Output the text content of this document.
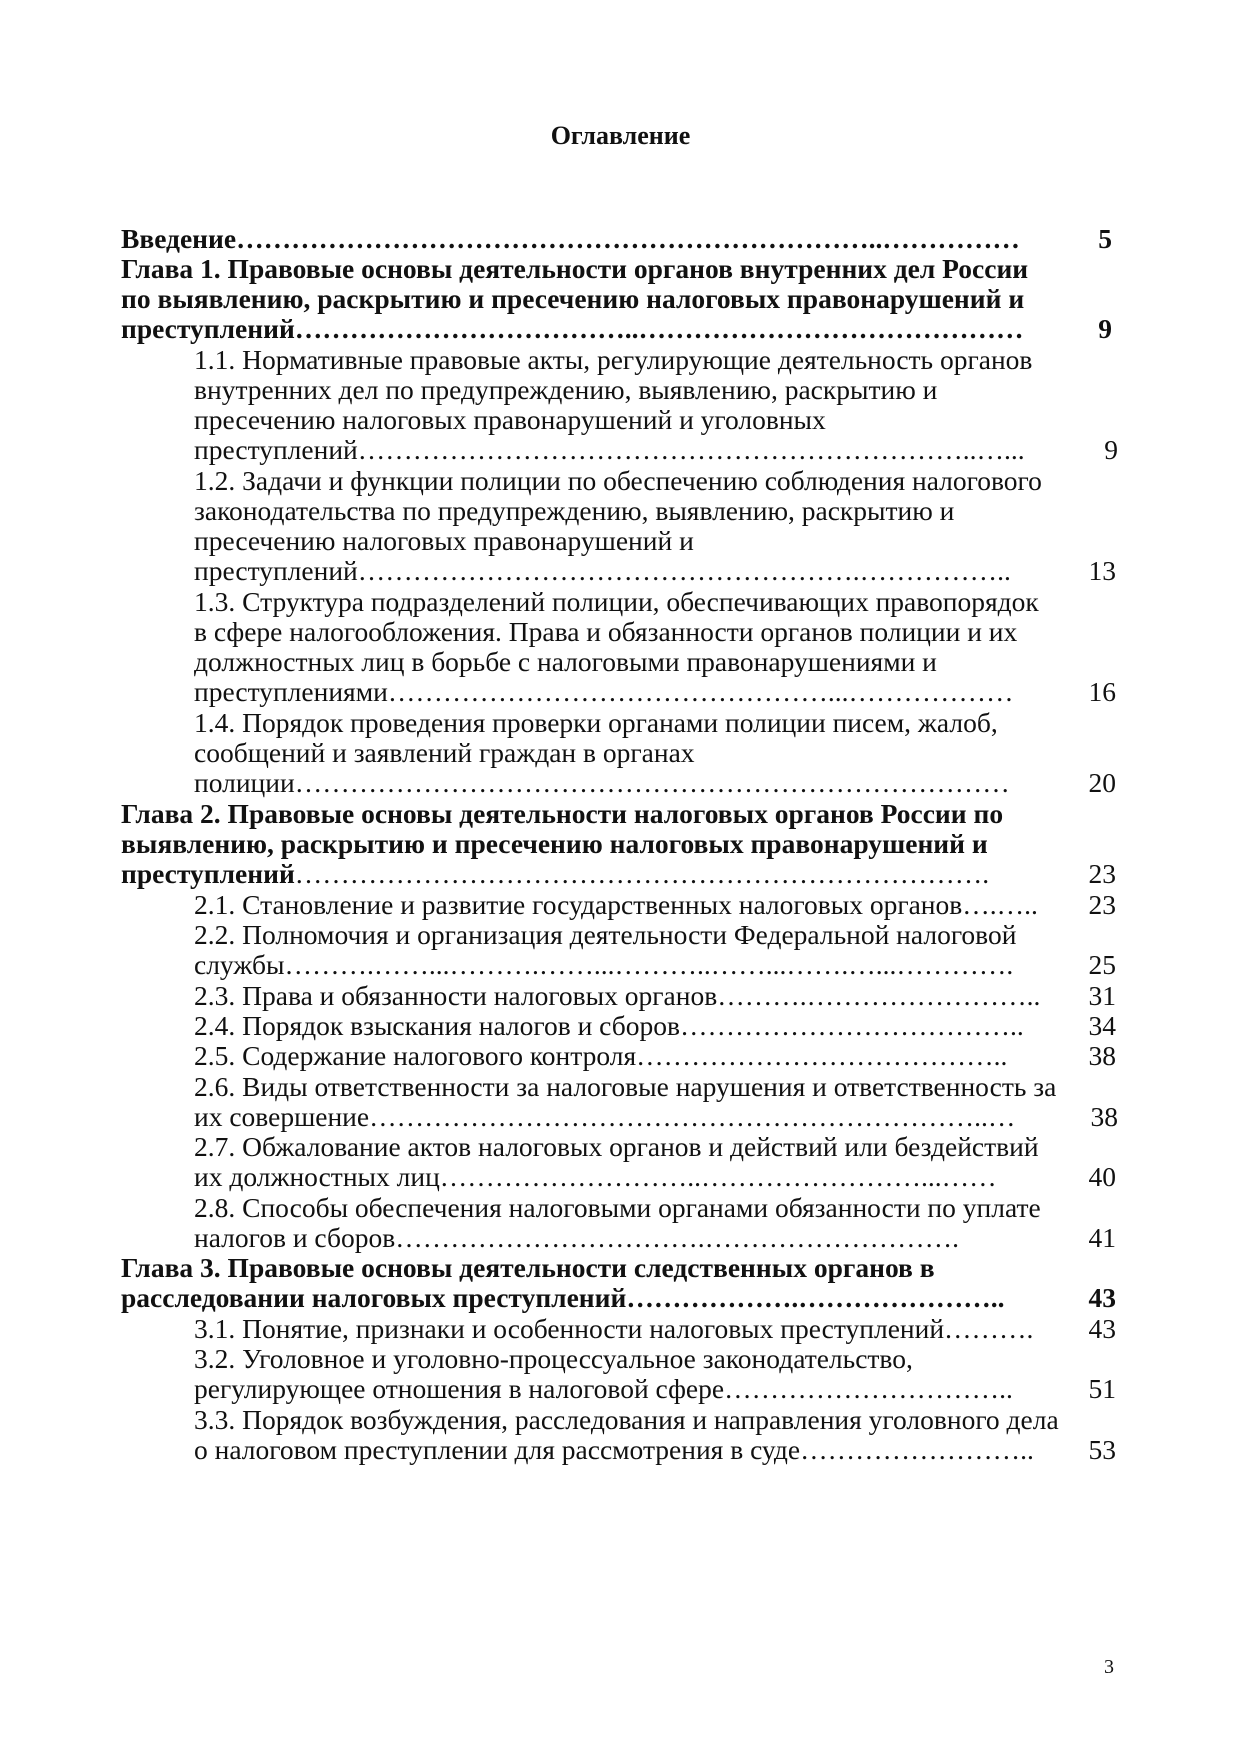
Оглавление
Введение ……………………………………………………………..……………	5
Глава 1. Правовые основы деятельности органов внутренних дел России
по выявлению, раскрытию и пресечению налоговых правонарушений и
преступлений ………………………………..……………………………………	9
1.1. Нормативные правовые акты, регулирующие деятельность органов
внутренних дел по предупреждению, выявлению, раскрытию и
пресечению налоговых правонарушений и уголовных
преступлений …………………………………………………………..…...	9
1.2. Задачи и функции полиции по обеспечению соблюдения налогового
законодательства по предупреждению, выявлению, раскрытию и
пресечению налоговых правонарушений и
преступлений ……………………………………………….……………..	13
1.3. Структура подразделений полиции, обеспечивающих правопорядок
в сфере налогообложения. Права и обязанности органов полиции и их
должностных лиц в борьбе с налоговыми правонарушениями и
преступлениями …………………………………………...………………	16
1.4. Порядок проведения проверки органами полиции писем, жалоб,
сообщений и заявлений граждан в органах
полиции ……………………………………………………………………	20
Глава 2. Правовые основы деятельности налоговых органов России по
выявлению, раскрытию и пресечению налоговых правонарушений и
преступлений ………………………………………………………………….	23
2.1. Становление и развитие государственных налоговых органов ….…..	23
2.2. Полномочия и организация деятельности Федеральной налоговой
службы ……….……...……….……...………..……...…….…...………….	25
2.3. Права и обязанности налоговых органов ……….……………………..	31
2.4. Порядок взыскания налогов и сборов ………………………………..	34
2.5. Содержание налогового контроля …………………………………..	38
2.6. Виды ответственности за налоговые нарушения и ответственность за
их совершение …………………………………………………………..…	38
2.7. Обжалование актов налоговых органов и действий или бездействий
их должностных лиц ………………………..……………………...……	40
2.8. Способы обеспечения налоговыми органами обязанности по уплате
налогов и сборов …………………………….……………………….	41
Глава 3. Правовые основы деятельности следственных органов в
расследовании налоговых преступлений ……………….…………………..	43
3.1. Понятие, признаки и особенности налоговых преступлений ……….	43
3.2. Уголовное и уголовно-процессуальное законодательство,
регулирующее отношения в налоговой сфере …………………………..	51
3.3. Порядок возбуждения, расследования и направления уголовного дела
о налоговом преступлении для рассмотрения в суде ……………………..	53
3
